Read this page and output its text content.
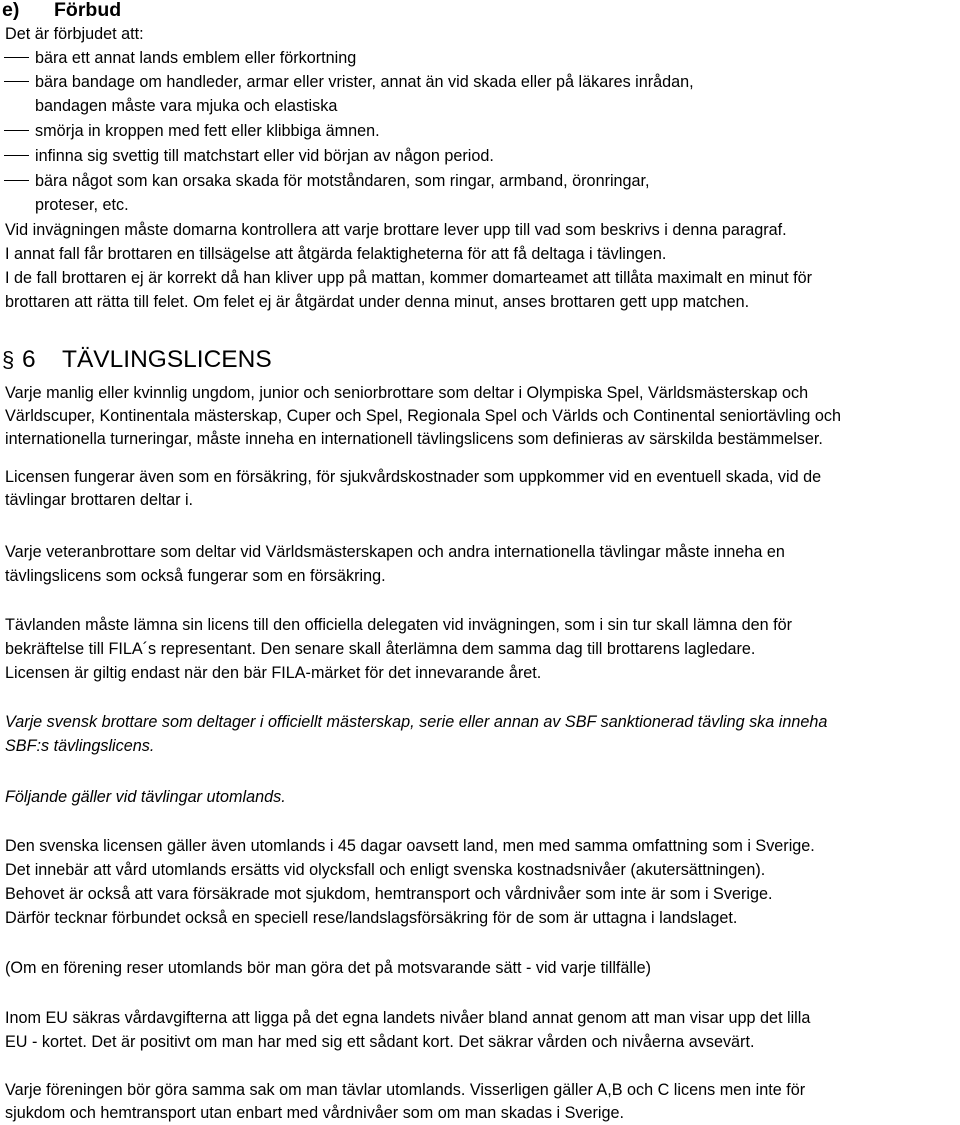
e) Förbud
Det är förbjudet att:
bära ett annat lands emblem eller förkortning
bära bandage om handleder, armar eller vrister, annat än vid skada eller på läkares inrådan,
bandagen måste vara mjuka och elastiska
smörja in kroppen med fett eller klibbiga ämnen.
infinna sig svettig till matchstart eller vid början av någon period.
bära något som kan orsaka skada för motståndaren, som ringar, armband, öronringar,
proteser, etc.
Vid invägningen måste domarna kontrollera att varje brottare lever upp till vad som beskrivs i denna paragraf.
I annat fall får brottaren en tillsägelse att åtgärda felaktigheterna för att få deltaga i tävlingen.
I de fall brottaren ej är korrekt då han kliver upp på mattan, kommer domarteamet att tillåta maximalt en minut för
brottaren att rätta till felet. Om felet ej är åtgärdat under denna minut, anses brottaren gett upp matchen.
§ 6 TÄVLINGSLICENS
Varje manlig eller kvinnlig ungdom, junior och seniorbrottare som deltar i Olympiska Spel, Världsmästerskap och
Världscuper, Kontinentala mästerskap, Cuper och Spel, Regionala Spel och Världs och Continental seniortävling och
internationella turneringar, måste inneha en internationell tävlingslicens som definieras av särskilda bestämmelser.
Licensen fungerar även som en försäkring, för sjukvårdskostnader som uppkommer vid en eventuell skada, vid de
tävlingar brottaren deltar i.
Varje veteranbrottare som deltar vid Världsmästerskapen och andra internationella tävlingar måste inneha en
tävlingslicens som också fungerar som en försäkring.
Tävlanden måste lämna sin licens till den officiella delegaten vid invägningen, som i sin tur skall lämna den för
bekräftelse till FILA´s representant. Den senare skall återlämna dem samma dag till brottarens lagledare.
Licensen är giltig endast när den bär FILA-märket för det innevarande året.
Varje svensk brottare som deltager i officiellt mästerskap, serie eller annan av SBF sanktionerad tävling ska inneha
SBF:s tävlingslicens.
Följande gäller vid tävlingar utomlands.
Den svenska licensen gäller även utomlands i 45 dagar oavsett land, men med samma omfattning som i Sverige.
Det innebär att vård utomlands ersätts vid olycksfall och enligt svenska kostnadsnivåer (akutersättningen).
Behovet är också att vara försäkrade mot sjukdom, hemtransport och vårdnivåer som inte är som i Sverige.
Därför tecknar förbundet också en speciell rese/landslagsförsäkring för de som är uttagna i landslaget.
(Om en förening reser utomlands bör man göra det på motsvarande sätt - vid varje tillfälle)
Inom EU säkras vårdavgifterna att ligga på det egna landets nivåer bland annat genom att man visar upp det lilla
EU - kortet. Det är positivt om man har med sig ett sådant kort. Det säkrar vården och nivåerna avsevärt.
Varje föreningen bör göra samma sak om man tävlar utomlands. Visserligen gäller A,B och C licens men inte för
sjukdom och hemtransport utan enbart med vårdnivåer som om man skadas i Sverige.
